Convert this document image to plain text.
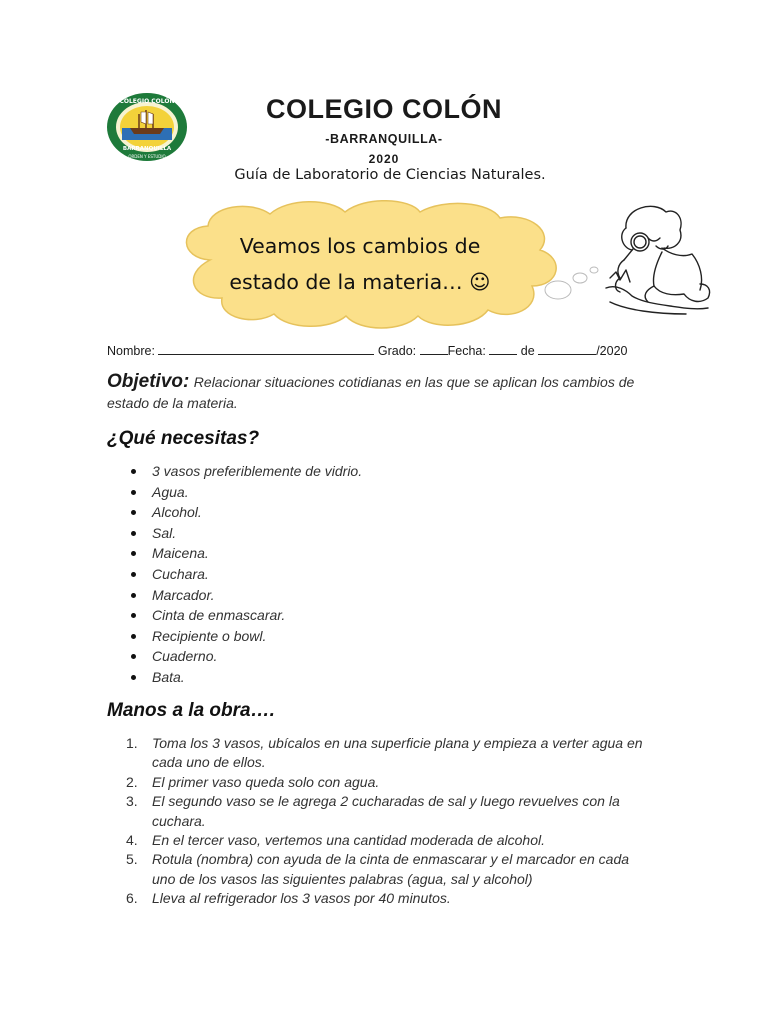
COLEGIO COLÓN
BARRANQUILLA
ORDEN Y ESTUDIO
COLEGIO COLÓN
-BARRANQUILLA-
2020
Guía de Laboratorio de Ciencias Naturales.
Veamos los cambios de
estado de la materia… ☺
Nombre:	Grado:	Fecha:	de	/2020
Objetivo: Relacionar situaciones cotidianas en las que se aplican los cambios de estado de la materia.
¿Qué necesitas?
3 vasos preferiblemente de vidrio.
Agua.
Alcohol.
Sal.
Maicena.
Cuchara.
Marcador.
Cinta de enmascarar.
Recipiente o bowl.
Cuaderno.
Bata.
Manos a la obra….
1. Toma los 3 vasos, ubícalos en una superficie plana y empieza a verter agua en cada uno de ellos.
2. El primer vaso queda solo con agua.
3. El segundo vaso se le agrega 2 cucharadas de sal y luego revuelves con la cuchara.
4. En el tercer vaso, vertemos una cantidad moderada de alcohol.
5. Rotula (nombra) con ayuda de la cinta de enmascarar y el marcador en cada uno de los vasos las siguientes palabras (agua, sal y alcohol)
6. Lleva al refrigerador los 3 vasos por 40 minutos.
